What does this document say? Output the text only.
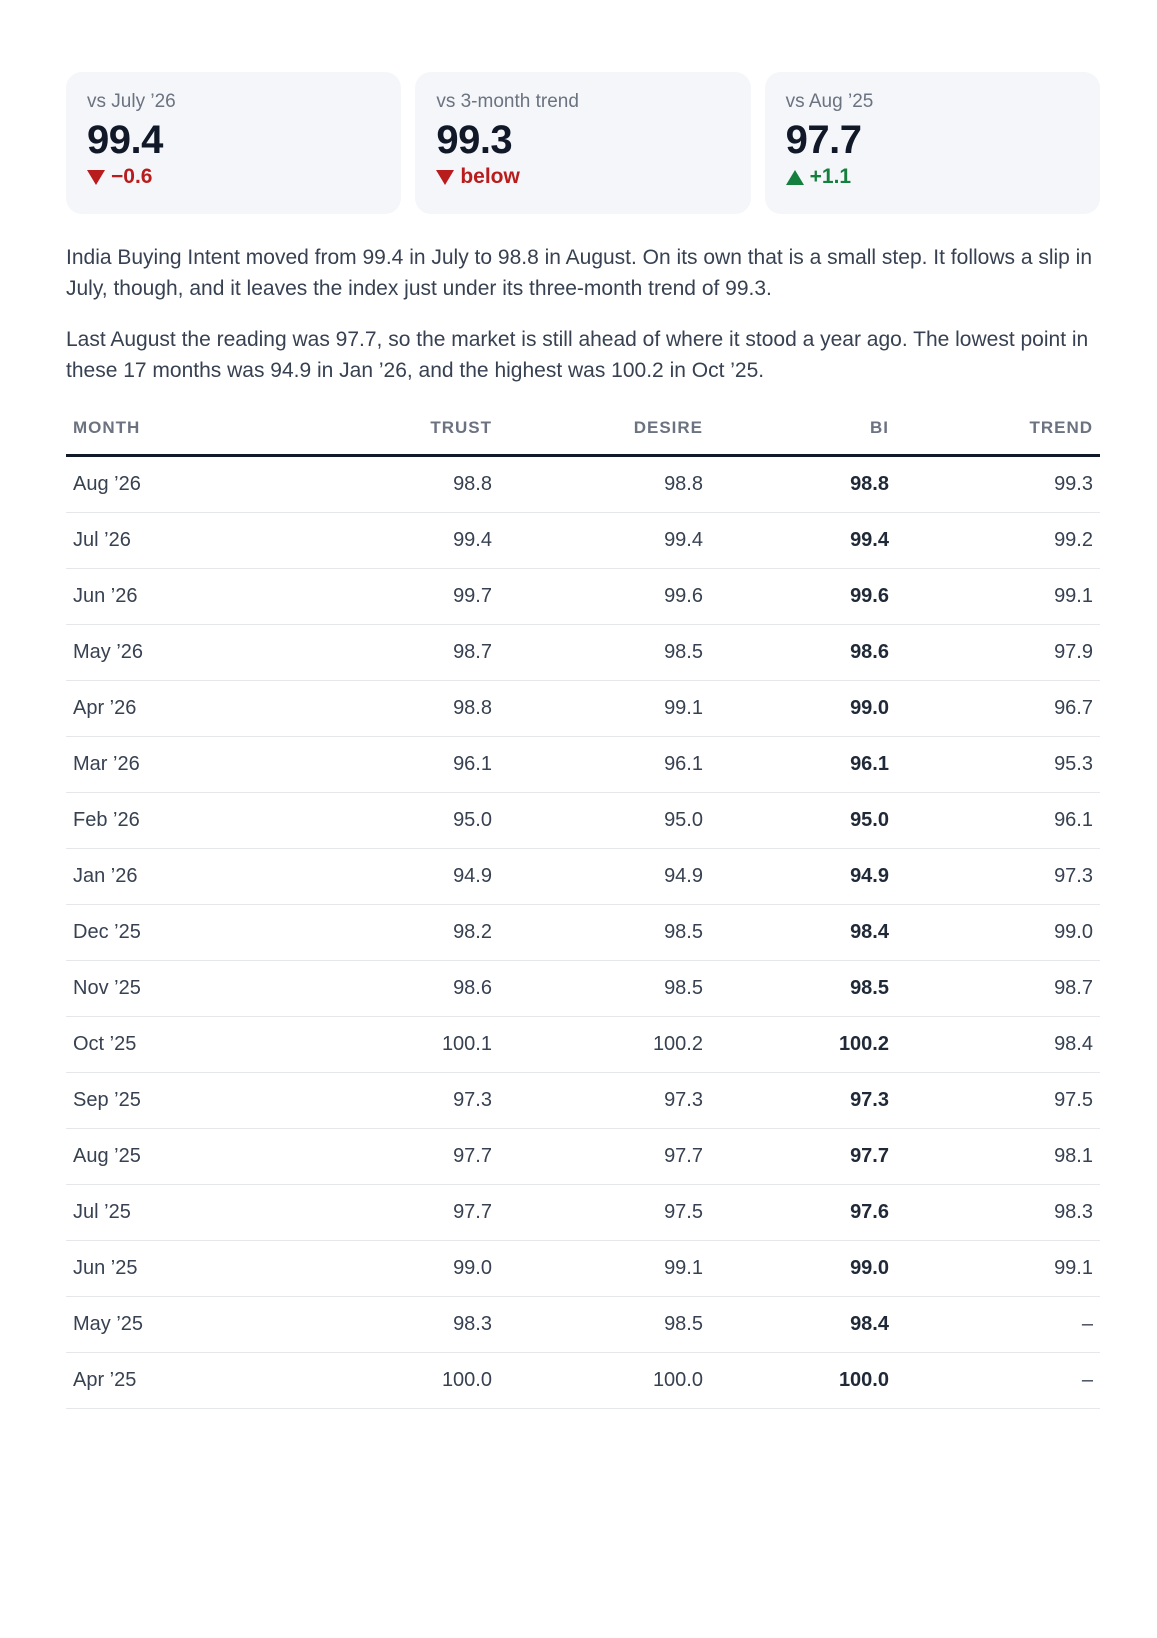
vs July ’26
99.4
−0.6
vs 3-month trend
99.3
below
vs Aug ’25
97.7
+1.1

India Buying Intent moved from 99.4 in July to 98.8 in August. On its own that is a small step. It follows a slip in July, though, and it leaves the index just under its three-month trend of 99.3.

Last August the reading was 97.7, so the market is still ahead of where it stood a year ago. The lowest point in these 17 months was 94.9 in Jan ’26, and the highest was 100.2 in Oct ’25.

MONTH	TRUST	DESIRE	BI	TREND
Aug ’26	98.8	98.8	98.8	99.3
Jul ’26	99.4	99.4	99.4	99.2
Jun ’26	99.7	99.6	99.6	99.1
May ’26	98.7	98.5	98.6	97.9
Apr ’26	98.8	99.1	99.0	96.7
Mar ’26	96.1	96.1	96.1	95.3
Feb ’26	95.0	95.0	95.0	96.1
Jan ’26	94.9	94.9	94.9	97.3
Dec ’25	98.2	98.5	98.4	99.0
Nov ’25	98.6	98.5	98.5	98.7
Oct ’25	100.1	100.2	100.2	98.4
Sep ’25	97.3	97.3	97.3	97.5
Aug ’25	97.7	97.7	97.7	98.1
Jul ’25	97.7	97.5	97.6	98.3
Jun ’25	99.0	99.1	99.0	99.1
May ’25	98.3	98.5	98.4	–
Apr ’25	100.0	100.0	100.0	–
